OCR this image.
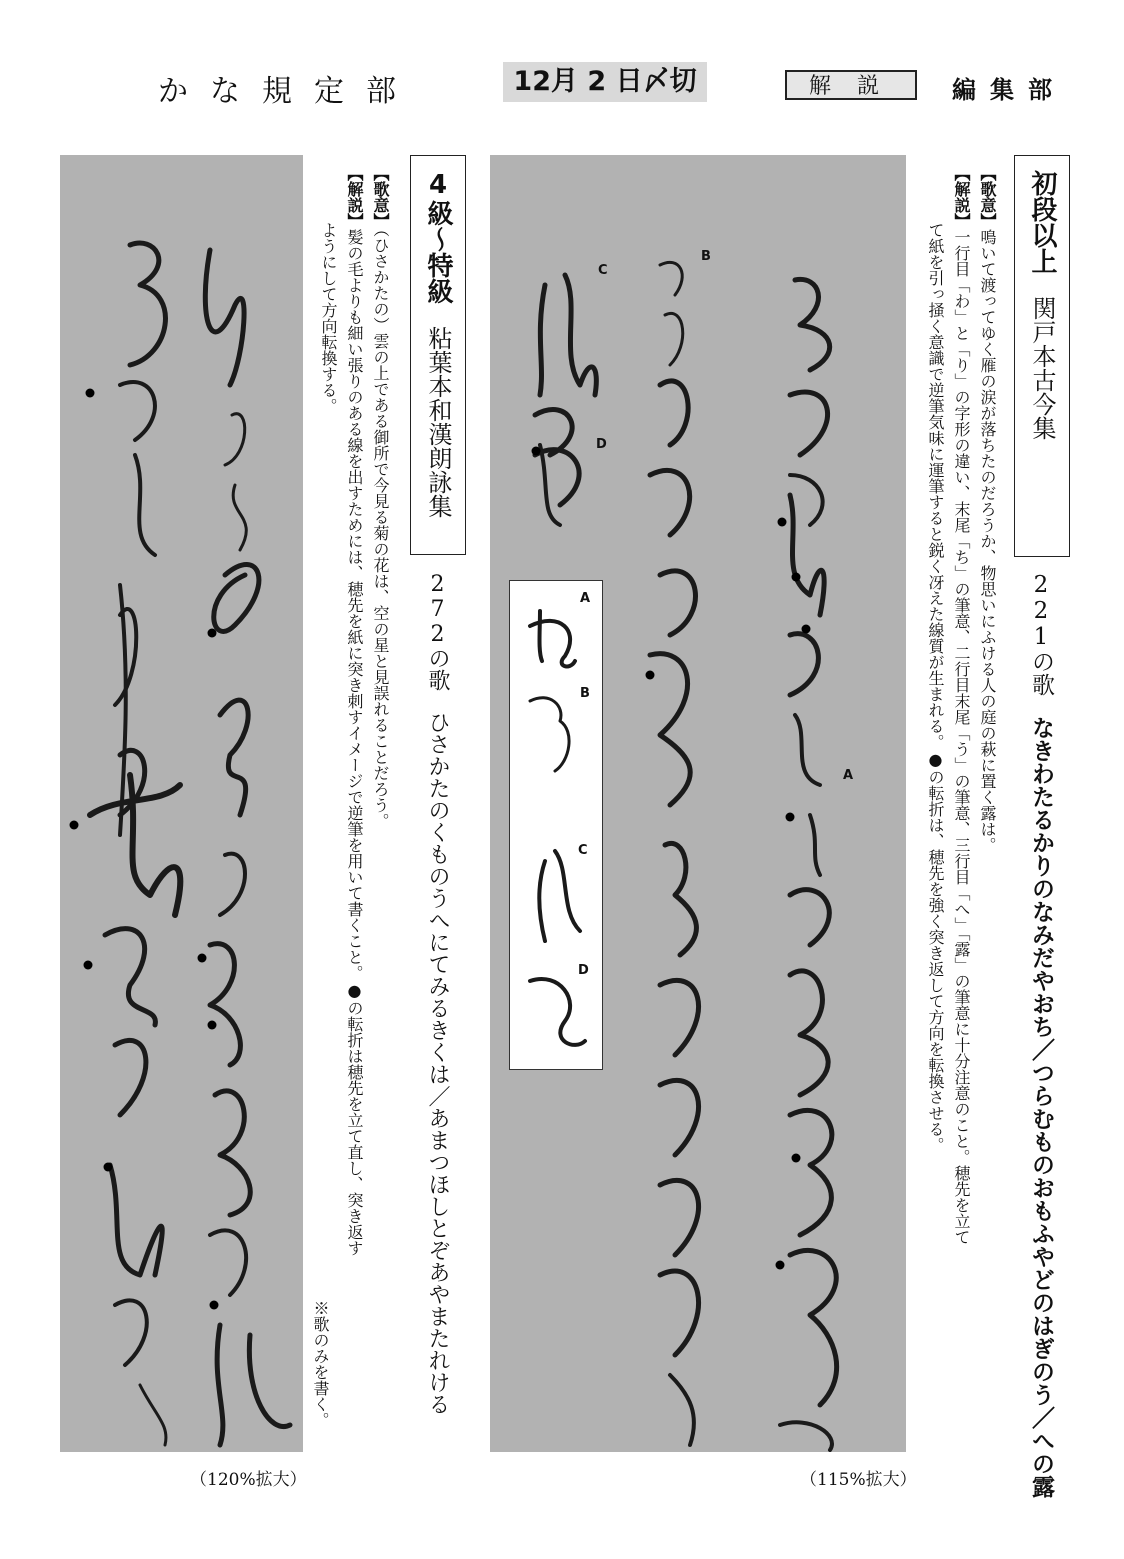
かな規定部	12月 2 日〆切	解説	編集部
（120%拡大）
4級～特級粘葉本和漢朗詠集
272の歌ひさかたのくものうへにてみるきくは／あまつほしとぞあやまたれける
【歌意】（ひさかたの）雲の上である御所で今見る菊の花は、空の星と見誤れることだろう。
【解説】髪の毛よりも細い張りのある線を出すためには、穂先を紙に突き刺すイメージで逆筆を用いて書くこと。●の転折は穂先を立て直し、突き返す
ようにして方向転換する。
※歌のみを書く。
A
B
C
D
A
B
C
D
（115%拡大）
初段以上関戸本古今集
221の歌なきわたるかりのなみだやおち／つらむものおもふやどのはぎのう／への露
【歌意】鳴いて渡ってゆく雁の涙が落ちたのだろうか、物思いにふける人の庭の萩に置く露は。
【解説】一行目「わ」と「り」の字形の違い、末尾「ち」の筆意、二行目末尾「う」の筆意、三行目「へ」「露」の筆意に十分注意のこと。穂先を立て
て紙を引っ掻く意識で逆筆気味に運筆すると鋭く冴えた線質が生まれる。●の転折は、穂先を強く突き返して方向を転換させる。
